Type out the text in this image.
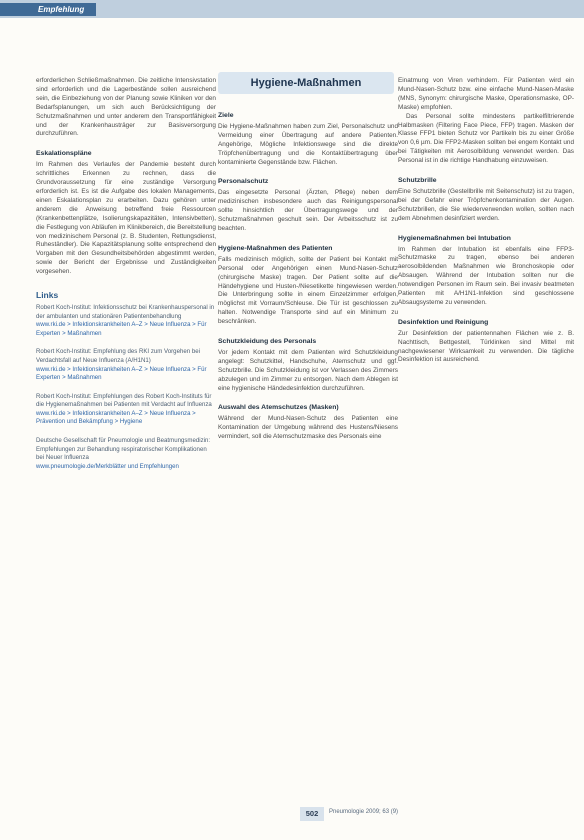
Empfehlung

erforderlichen Schließmaßnahmen. Die zeitliche Intensivstation sind erforderlich und die Lagerbestände sollen ausreichend sein, die Einbeziehung von der Planung sowie Kliniken vor den Bedarfsplanungen, um sich auch Berücksichtigung der Schutzmaßnahmen und unter anderem den Transportfähigkeit und der Krankenhausträger zur Basisversorgung durchzuführen.

Eskalationspläne

Im Rahmen des Verlaufes der Pandemie besteht durch schrittliches Erkennen zu rechnen, dass die Grundvoraussetzung für eine zuständige Versorgung erforderlich ist. Es ist die Aufgabe des lokalen Managements, einen Eskalationsplan zu erarbeiten. Dazu gehören unter anderem die Anweisung betreffend freie Ressourcen (Krankenbettenplätze, Isolierungskapazitäten, Intensivbetten), die Festlegung von Abläufen im Klinikbereich, die Bereitstellung von medizinischem Personal (z. B. Studenten, Rettungsdienst, Ruheständler). Die Kapazitätsplanung sollte entsprechend den Vorgaben mit den Gesundheitsbehörden abgestimmt werden, sowie der Bericht der Ergebnisse und Zuständigkeiten vorgesehen.

Links
Robert Koch-Institut: Infektionsschutz bei Krankenhauspersonal in der ambulanten und stationären Patientenbehandlung
www.rki.de > Infektionskrankheiten A–Z > Neue Influenza > Für Experten > Maßnahmen
Robert Koch-Institut: Empfehlung des RKI zum Vorgehen bei Verdachtsfall auf Neue Influenza (A/H1N1)
www.rki.de > Infektionskrankheiten A–Z > Neue Influenza > Für Experten > Maßnahmen
Robert Koch-Institut: Empfehlungen des Robert Koch-Instituts für die Hygienemaßnahmen bei Patienten mit Verdacht auf Influenza
www.rki.de > Infektionskrankheiten A–Z > Neue Influenza > Prävention und Bekämpfung > Hygiene
Deutsche Gesellschaft für Pneumologie und Beatmungsmedizin: Empfehlungen zur Behandlung respiratorischer Komplikationen bei Neuer Influenza
www.pneumologie.de/Merkblätter und Empfehlungen
Hygiene-Maßnahmen
Ziele

Die Hygiene-Maßnahmen haben zum Ziel, Personalschutz und Vermeidung einer Übertragung auf andere Patienten. Angehörige, Mögliche Infektionswege sind die direkte Tröpfchenübertragung und die Kontaktübertragung über kontaminierte Gegenstände bzw. Flächen.

Personalschutz

Das eingesetzte Personal (Ärzten, Pflege) neben dem medizinischen insbesondere auch das Reinigungspersonal sollte hinsichtlich der Übertragungswege und der Schutzmaßnahmen geschult sein. Der Arbeitsschutz ist zu beachten.

Hygiene-Maßnahmen des Patienten

Falls medizinisch möglich, sollte der Patient bei Kontakt mit Personal oder Angehörigen einen Mund-Nasen-Schutz (chirurgische Maske) tragen. Der Patient sollte auf die Händehygiene und Husten-/Niesetikette hingewiesen werden. Die Unterbringung sollte in einem Einzelzimmer erfolgen, möglichst mit Vorraum/Schleuse. Die Tür ist geschlossen zu halten. Notwendige Transporte sind auf ein Minimum zu beschränken.

Schutzkleidung des Personals

Vor jedem Kontakt mit dem Patienten wird Schutzkleidung angelegt: Schutzkittel, Handschuhe, Atemschutz und ggf. Schutzbrille. Die Schutzkleidung ist vor Verlassen des Zimmers abzulegen und im Zimmer zu entsorgen. Nach dem Ablegen ist eine hygienische Händedesinfektion durchzuführen.

Auswahl des Atemschutzes (Masken)

Während der Mund-Nasen-Schutz des Patienten eine Kontamination der Umgebung während des Hustens/Niesens vermindert, soll die Atemschutzmaske des Personals eine

Einatmung von Viren verhindern. Für Patienten wird ein Mund-Nasen-Schutz bzw. eine einfache Mund-Nasen-Maske (MNS, Synonym: chirurgische Maske, Operationsmaske, OP-Maske) empfohlen.

Das Personal sollte mindestens partikelfiltrierende Halbmasken (Filtering Face Piece, FFP) tragen. Masken der Klasse FFP1 bieten Schutz vor Partikeln bis zu einer Größe von 0,6 µm. Die FFP2-Masken sollten bei engem Kontakt und bei Tätigkeiten mit Aerosolbildung verwendet werden. Das Personal ist in die richtige Handhabung einzuweisen.

Schutzbrille

Eine Schutzbrille (Gestellbrille mit Seitenschutz) ist zu tragen, bei der Gefahr einer Tröpfchenkontamination der Augen. Schutzbrillen, die Sie wiederverwenden wollen, sollten nach dem Abnehmen desinfiziert werden.

Hygienemaßnahmen bei Intubation

Im Rahmen der Intubation ist ebenfalls eine FFP3-Schutzmaske zu tragen, ebenso bei anderen aerosolbildenden Maßnahmen wie Bronchoskopie oder Absaugen. Während der Intubation sollten nur die notwendigen Personen im Raum sein. Bei invasiv beatmeten Patienten mit A/H1N1-Infektion sind geschlossene Absaugsysteme zu verwenden.

Desinfektion und Reinigung

Zur Desinfektion der patientennahen Flächen wie z. B. Nachttisch, Bettgestell, Türklinken sind Mittel mit nachgewiesener Wirksamkeit zu verwenden. Die tägliche Desinfektion ist ausreichend.

502	Pneumologie 2009; 63 (9)
